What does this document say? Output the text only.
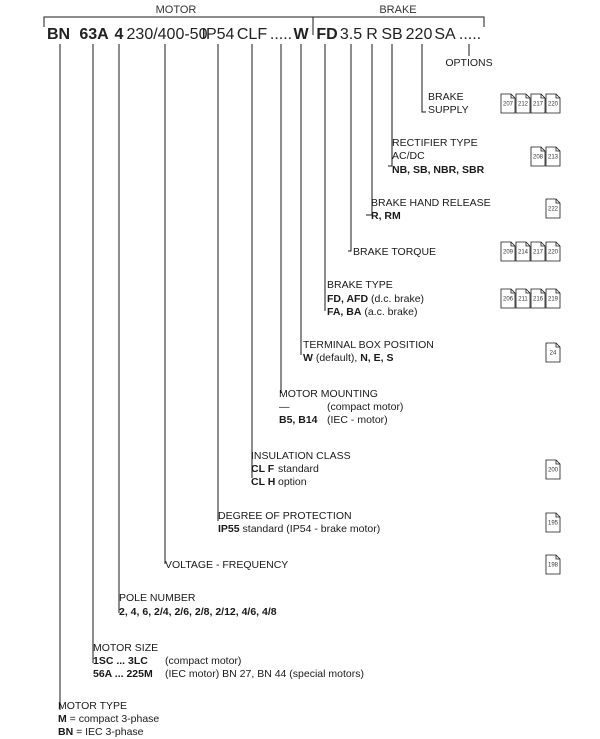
MOTOR	BRAKE
BN 63A 4 230/400-50
IP54 CLF ..... W FD 3.5 R SB 220 SA .....
OPTIONS
BRAKE
SUPPLY
RECTIFIER TYPE
AC/DC
NB, SB, NBR, SBR
BRAKE HAND RELEASE
R, RM
BRAKE TORQUE
BRAKE TYPE
FD, AFD (d.c. brake)
FA, BA (a.c. brake)
TERMINAL BOX POSITION
W (default), N, E, S
MOTOR MOUNTING
—	(compact motor)
B5, B14 (IEC - motor)
INSULATION CLASS
CL F standard
CL H option
DEGREE OF PROTECTION
IP55 standard (IP54 - brake motor)
VOLTAGE - FREQUENCY
POLE NUMBER
2, 4, 6, 2/4, 2/6, 2/8, 2/12, 4/6, 4/8
MOTOR SIZE
1SC ... 3LC (compact motor)
56A ... 225M (IEC motor) BN 27, BN 44 (special motors)
MOTOR TYPE
M = compact 3-phase
BN = IEC 3-phase
207 212 217 220
208 213
222
209 214 217 220
206 211 216 219
24
200
195
198
